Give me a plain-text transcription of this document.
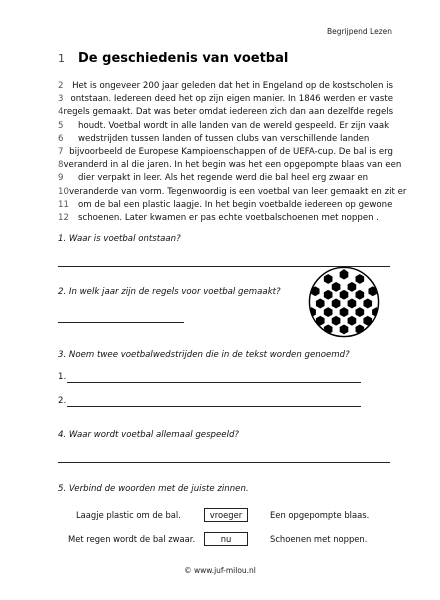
Begrijpend Lezen
1	De geschiedenis van voetbal
2 Het is ongeveer 200 jaar geleden dat het in Engeland op de kostscholen is
3 ontstaan. Iedereen deed het op zijn eigen manier. In 1846 werden er vaste
4 regels gemaakt. Dat was beter omdat iedereen zich dan aan dezelfde regels
5	houdt. Voetbal wordt in alle landen van de wereld gespeeld. Er zijn vaak
6	wedstrijden tussen landen of tussen clubs van verschillende landen
7 bijvoorbeeld de Europese Kampioenschappen of de UEFA-cup. De bal is erg
8 veranderd in al die jaren. In het begin was het een opgepompte blaas van een
9	dier verpakt in leer. Als het regende werd die bal heel erg zwaar en
10 veranderde van vorm. Tegenwoordig is een voetbal van leer gemaakt en zit er
11	om de bal een plastic laagje. In het begin voetbalde iedereen op gewone
12	schoenen. Later kwamen er pas echte voetbalschoenen met noppen .
1. Waar is voetbal ontstaan?
2. In welk jaar zijn de regels voor voetbal gemaakt?
3. Noem twee voetbalwedstrijden die in de tekst worden genoemd?
1.
2.
4. Waar wordt voetbal allemaal gespeeld?
5. Verbind de woorden met de juiste zinnen.
Laagje plastic om de bal.	vroeger	Een opgepompte blaas.
Met regen wordt de bal zwaar.	nu	Schoenen met noppen.
© www.juf-milou.nl
